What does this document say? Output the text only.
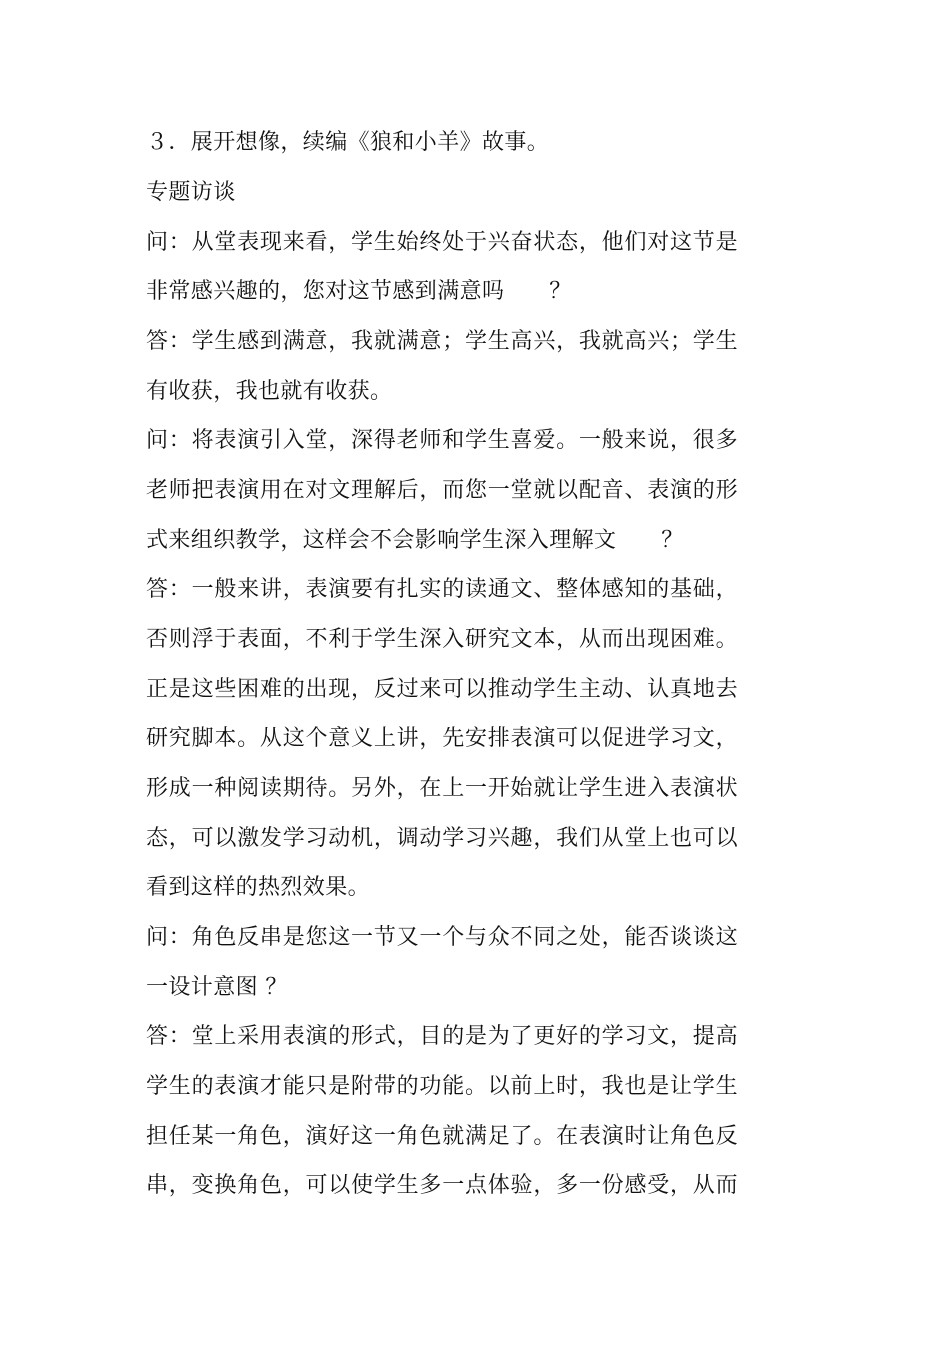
３．展开想像，续编《狼和小羊》故事。
专题访谈
问：从堂表现来看，学生始终处于兴奋状态，他们对这节是
非常感兴趣的，您对这节感到满意吗　　？
答：学生感到满意，我就满意；学生高兴，我就高兴；学生
有收获，我也就有收获。
问：将表演引入堂，深得老师和学生喜爱。一般来说，很多
老师把表演用在对文理解后，而您一堂就以配音、表演的形
式来组织教学，这样会不会影响学生深入理解文　　？
答：一般来讲，表演要有扎实的读通文、整体感知的基础，
否则浮于表面，不利于学生深入研究文本，从而出现困难。
正是这些困难的出现，反过来可以推动学生主动、认真地去
研究脚本。从这个意义上讲，先安排表演可以促进学习文，
形成一种阅读期待。另外，在上一开始就让学生进入表演状
态，可以激发学习动机，调动学习兴趣，我们从堂上也可以
看到这样的热烈效果。
问：角色反串是您这一节又一个与众不同之处，能否谈谈这
一设计意图 ？
答：堂上采用表演的形式，目的是为了更好的学习文，提高
学生的表演才能只是附带的功能。以前上时，我也是让学生
担任某一角色，演好这一角色就满足了。在表演时让角色反
串，变换角色，可以使学生多一点体验，多一份感受，从而
